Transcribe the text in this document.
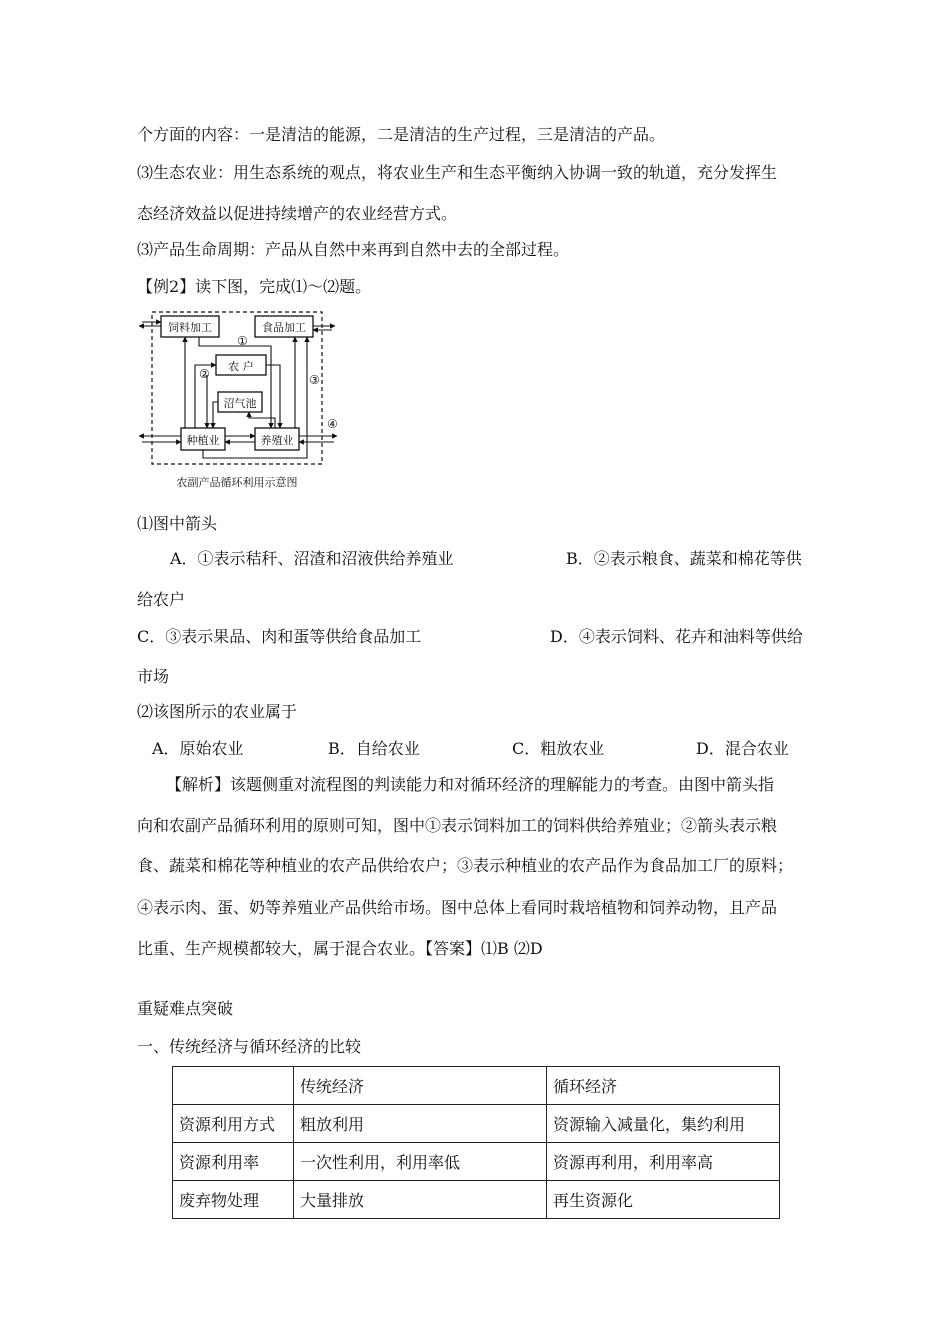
个方面的内容：一是清洁的能源，二是清洁的生产过程，三是清洁的产品。
⑶生态农业：用生态系统的观点，将农业生产和生态平衡纳入协调一致的轨道，充分发挥生
态经济效益以促进持续增产的农业经营方式。
⑶产品生命周期：产品从自然中来再到自然中去的全部过程。
【例2】读下图，完成⑴～⑵题。
饲料加工	食品加工
农 户
沼气池
种植业	养殖业
①
②	③
④
农副产品循环利用示意图
⑴图中箭头
A．①表示秸秆、沼渣和沼液供给养殖业	B．②表示粮食、蔬菜和棉花等供
给农户
C．③表示果品、肉和蛋等供给食品加工	D．④表示饲料、花卉和油料等供给
市场
⑵该图所示的农业属于
A．原始农业	B．自给农业	C．粗放农业	D．混合农业
【解析】该题侧重对流程图的判读能力和对循环经济的理解能力的考查。由图中箭头指
向和农副产品循环利用的原则可知，图中①表示饲料加工的饲料供给养殖业；②箭头表示粮
食、蔬菜和棉花等种植业的农产品供给农户；③表示种植业的农产品作为食品加工厂的原料；
④表示肉、蛋、奶等养殖业产品供给市场。图中总体上看同时栽培植物和饲养动物，且产品
比重、生产规模都较大，属于混合农业。【答案】⑴B ⑵D
重疑难点突破
一、传统经济与循环经济的比较
	传统经济	循环经济
资源利用方式	粗放利用	资源输入减量化，集约利用
资源利用率	一次性利用，利用率低	资源再利用，利用率高
废弃物处理	大量排放	再生资源化
